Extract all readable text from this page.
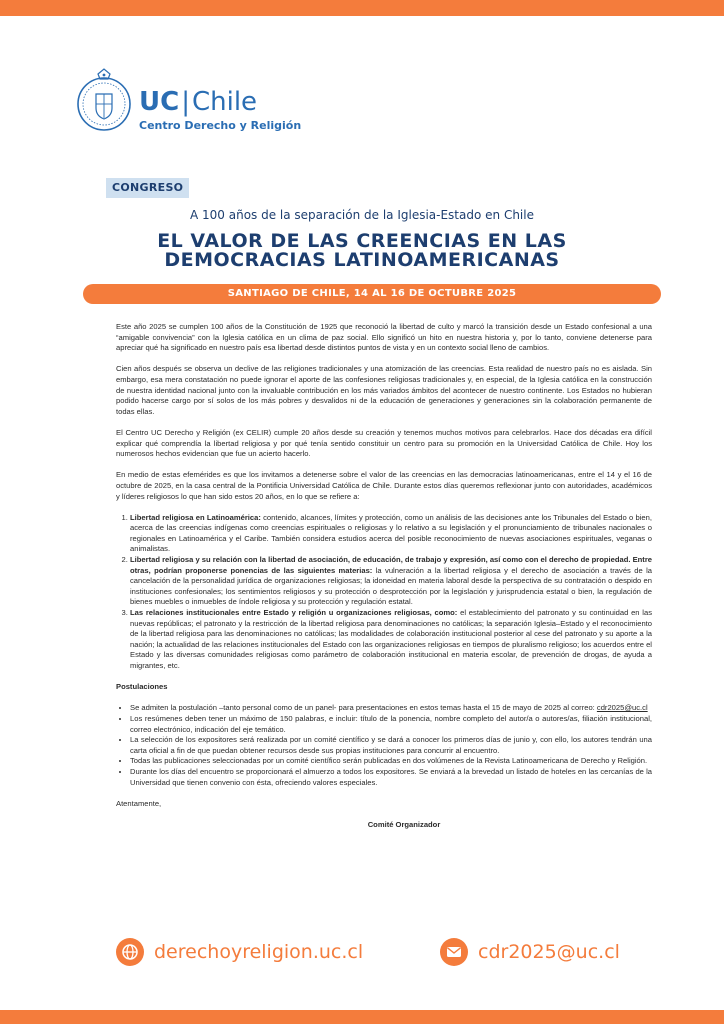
UC|Chile
Centro Derecho y Religión
CONGRESO
A 100 años de la separación de la Iglesia-Estado en Chile
EL VALOR DE LAS CREENCIAS EN LAS DEMOCRACIAS LATINOAMERICANAS
SANTIAGO DE CHILE, 14 AL 16 DE OCTUBRE 2025

Este año 2025 se cumplen 100 años de la Constitución de 1925 que reconoció la libertad de culto y marcó la transición desde un Estado confesional a una “amigable convivencia” con la Iglesia católica en un clima de paz social. Ello significó un hito en nuestra historia y, por lo tanto, conviene detenerse para apreciar qué ha significado en nuestro país esa libertad desde distintos puntos de vista y en un contexto social lleno de cambios.

Cien años después se observa un declive de las religiones tradicionales y una atomización de las creencias. Esta realidad de nuestro país no es aislada. Sin embargo, esa mera constatación no puede ignorar el aporte de las confesiones religiosas tradicionales y, en especial, de la Iglesia católica en la construcción de nuestra identidad nacional junto con la invaluable contribución en los más variados ámbitos del acontecer de nuestro continente. Los Estados no hubieran podido hacerse cargo por sí solos de los más pobres y desvalidos ni de la educación de generaciones y generaciones sin la colaboración permanente de todas ellas.

El Centro UC Derecho y Religión (ex CELIR) cumple 20 años desde su creación y tenemos muchos motivos para celebrarlos. Hace dos décadas era difícil explicar qué comprendía la libertad religiosa y por qué tenía sentido constituir un centro para su promoción en la Universidad Católica de Chile. Hoy los numerosos hechos evidencian que fue un acierto hacerlo.

En medio de estas efemérides es que los invitamos a detenerse sobre el valor de las creencias en las democracias latinoamericanas, entre el 14 y el 16 de octubre de 2025, en la casa central de la Pontificia Universidad Católica de Chile. Durante estos días queremos reflexionar junto con autoridades, académicos y líderes religiosos lo que han sido estos 20 años, en lo que se refiere a:

1. Libertad religiosa en Latinoamérica: contenido, alcances, límites y protección, como un análisis de las decisiones ante los Tribunales del Estado o bien, acerca de las creencias indígenas como creencias espirituales o religiosas y lo relativo a su legislación y el pronunciamiento de tribunales nacionales o regionales en Latinoamérica y el Caribe. También considera estudios acerca del posible reconocimiento de nuevas asociaciones espirituales, veganas o animalistas.
2. Libertad religiosa y su relación con la libertad de asociación, de educación, de trabajo y expresión, así como con el derecho de propiedad. Entre otras, podrían proponerse ponencias de las siguientes materias: la vulneración a la libertad religiosa y el derecho de asociación a través de la cancelación de la personalidad jurídica de organizaciones religiosas; la idoneidad en materia laboral desde la perspectiva de su contratación o despido en instituciones confesionales; los sentimientos religiosos y su protección o desprotección por la legislación y jurisprudencia estatal o bien, la regulación de bienes muebles o inmuebles de índole religiosa y su protección y regulación estatal.
3. Las relaciones institucionales entre Estado y religión u organizaciones religiosas, como: el establecimiento del patronato y su continuidad en las nuevas repúblicas; el patronato y la restricción de la libertad religiosa para denominaciones no católicas; la separación Iglesia–Estado y el reconocimiento de la libertad religiosa para las denominaciones no católicas; las modalidades de colaboración institucional posterior al cese del patronato y su aporte a la nación; la actualidad de las relaciones institucionales del Estado con las organizaciones religiosas en tiempos de pluralismo religioso; los acuerdos entre el Estado y las diversas comunidades religiosas como parámetro de colaboración institucional en materia escolar, de prevención de drogas, de ayuda a migrantes, etc.
Postulaciones
• Se admiten la postulación –tanto personal como de un panel- para presentaciones en estos temas hasta el 15 de mayo de 2025 al correo: cdr2025@uc.cl
• Los resúmenes deben tener un máximo de 150 palabras, e incluir: título de la ponencia, nombre completo del autor/a o autores/as, filiación institucional, correo electrónico, indicación del eje temático.
• La selección de los expositores será realizada por un comité científico y se dará a conocer los primeros días de junio y, con ello, los autores tendrán una carta oficial a fin de que puedan obtener recursos desde sus propias instituciones para concurrir al encuentro.
• Todas las publicaciones seleccionadas por un comité científico serán publicadas en dos volúmenes de la Revista Latinoamericana de Derecho y Religión.
• Durante los días del encuentro se proporcionará el almuerzo a todos los expositores. Se enviará a la brevedad un listado de hoteles en las cercanías de la Universidad que tienen convenio con ésta, ofreciendo valores especiales.

Atentamente,

Comité Organizador
derechoyreligion.uc.cl	cdr2025@uc.cl
